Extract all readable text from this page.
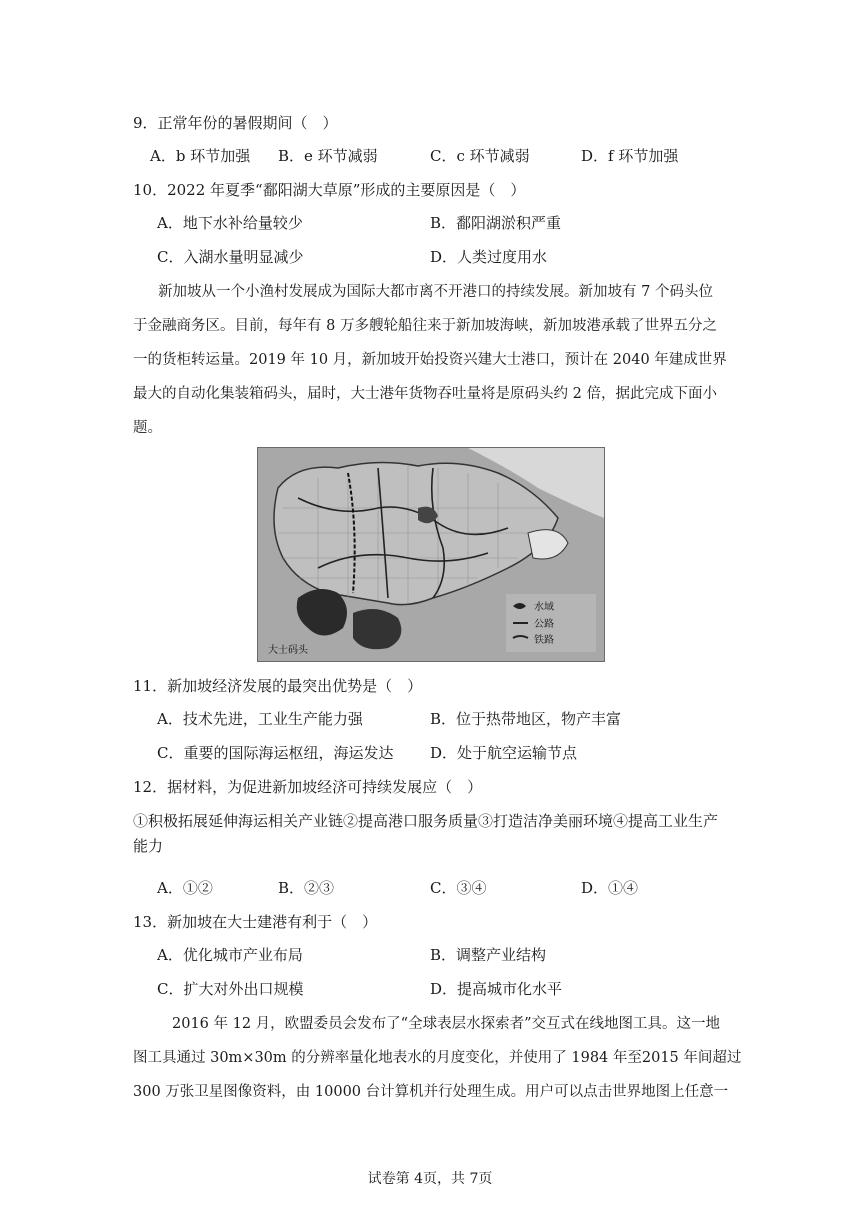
9．正常年份的暑假期间（　）
A．b 环节加强 B．e 环节减弱	C．c 环节减弱	D．f 环节加强
10．2022 年夏季“鄱阳湖大草原”形成的主要原因是（　）
A．地下水补给量较少	B．鄱阳湖淤积严重
C．入湖水量明显减少	D．人类过度用水
新加坡从一个小渔村发展成为国际大都市离不开港口的持续发展。新加坡有 7 个码头位
于金融商务区。目前，每年有 8 万多艘轮船往来于新加坡海峡，新加坡港承载了世界五分之
一的货柜转运量。2019 年 10 月，新加坡开始投资兴建大士港口，预计在 2040 年建成世界
最大的自动化集装箱码头，届时，大士港年货物吞吐量将是原码头约 2 倍，据此完成下面小
题。
水域
公路
铁路
大士码头
11．新加坡经济发展的最突出优势是（　）
A．技术先进，工业生产能力强	B．位于热带地区，物产丰富
C．重要的国际海运枢纽，海运发达 D．处于航空运输节点
12．据材料，为促进新加坡经济可持续发展应（　）
①积极拓展延伸海运相关产业链②提高港口服务质量③打造洁净美丽环境④提高工业生产
能力
A．①②	B．②③	C．③④	D．①④
13．新加坡在大士建港有利于（　）
A．优化城市产业布局	B．调整产业结构
C．扩大对外出口规模	D．提高城市化水平
2016 年 12 月，欧盟委员会发布了“全球表层水探索者”交互式在线地图工具。这一地
图工具通过 30m×30m 的分辨率量化地表水的月度变化，并使用了 1984 年至2015 年间超过
300 万张卫星图像资料，由 10000 台计算机并行处理生成。用户可以点击世界地图上任意一
试卷第 4页，共 7页
